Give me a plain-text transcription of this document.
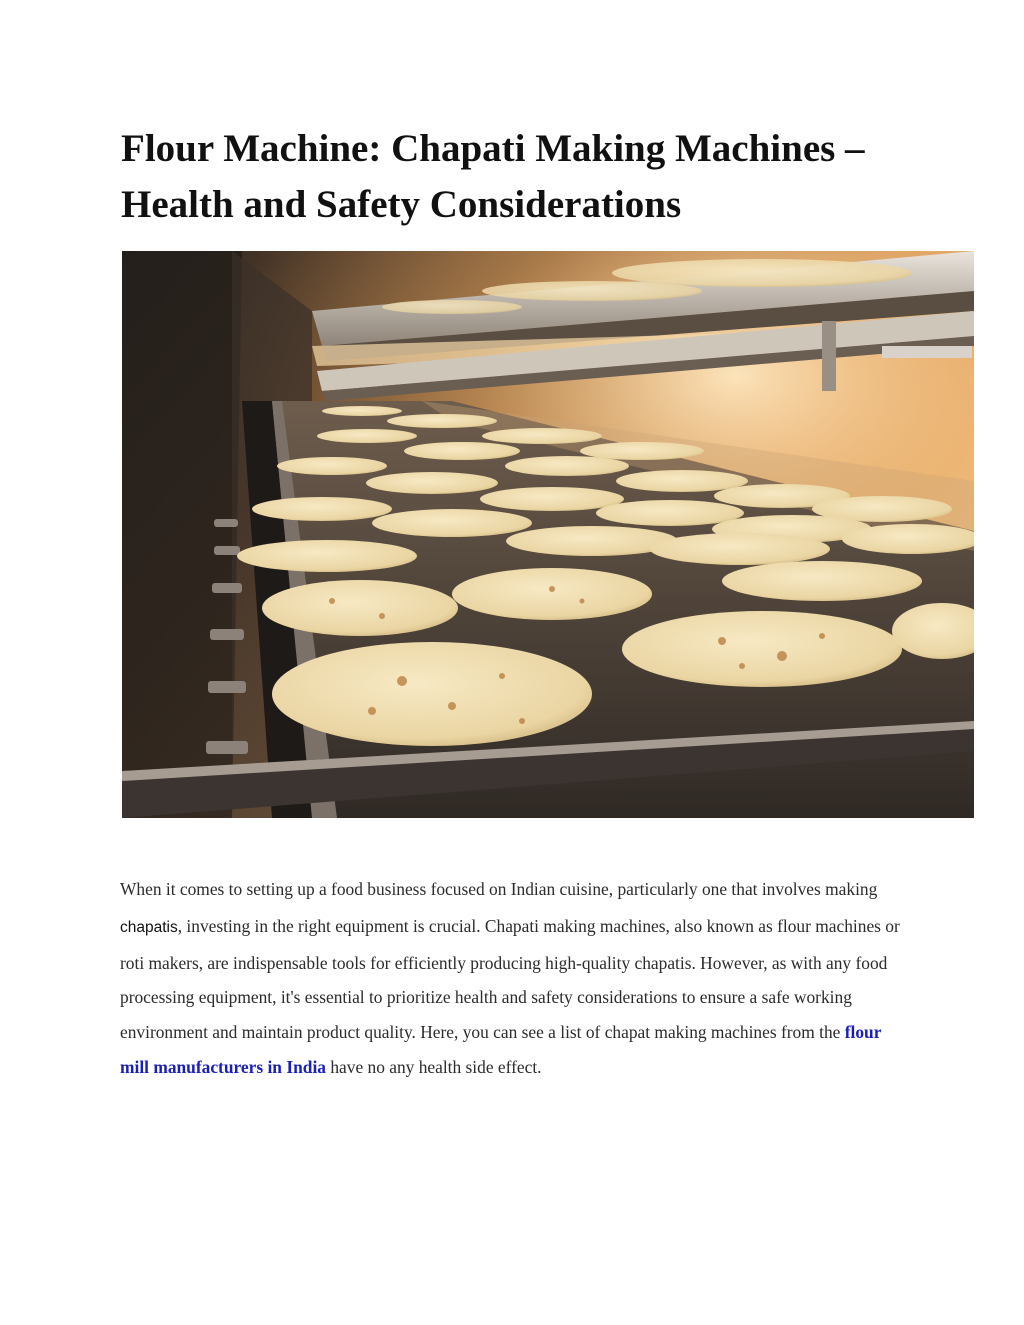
Flour Machine: Chapati Making Machines –
Health and Safety Considerations

When it comes to setting up a food business focused on Indian cuisine, particularly one that involves makingchapatis, investing in the right equipment is crucial. Chapati making machines, also known as flour machines or roti makers, are indispensable tools for efficiently producing high-quality chapatis. However, as with any food processing equipment, it's essential to prioritize health and safety considerations to ensure a safe working environment and maintain product quality. Here, you can see a list of chapat making machines from the flour mill manufacturers in India have no any health side effect.
